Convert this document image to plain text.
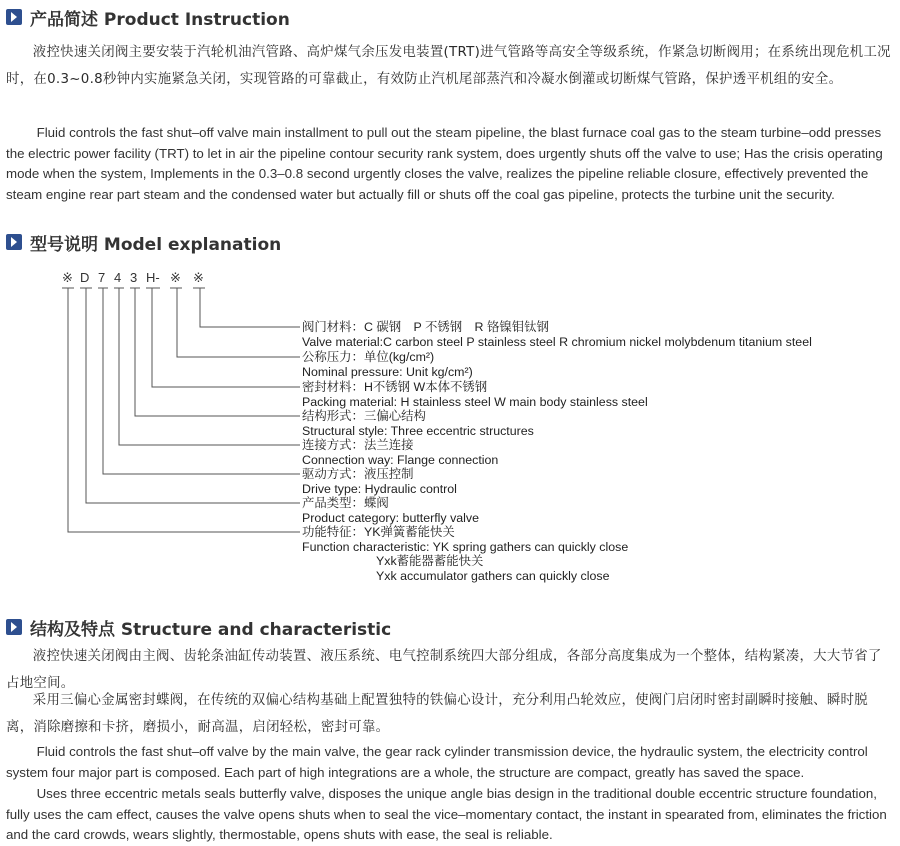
产品简述 Product Instruction
液控快速关闭阀主要安装于汽轮机油汽管路、高炉煤气余压发电装置(TRT)进气管路等高安全等级系统，作紧急切断阀用；在系统出现危机工况时，在0.3~0.8秒钟内实施紧急关闭，实现管路的可靠截止，有效防止汽机尾部蒸汽和冷凝水倒灌或切断煤气管路，保护透平机组的安全。
Fluid controls the fast shut–off valve main installment to pull out the steam pipeline, the blast furnace coal gas to the steam turbine–odd presses the electric power facility (TRT) to let in air the pipeline contour security rank system, does urgently shuts off the valve to use; Has the crisis operating mode when the system, Implements in the 0.3–0.8 second urgently closes the valve, realizes the pipeline reliable closure, effectively prevented the steam engine rear part steam and the condensed water but actually fill or shuts off the coal gas pipeline, protects the turbine unit the security.
型号说明 Model explanation
※ D 7 4 3 H- ※ ※
阀门材料：C 碳钢　P 不锈钢　R 铬镍钼钛钢
Valve material:C carbon steel P stainless steel R chromium nickel molybdenum titanium steel
公称压力：单位(kg/cm²)
Nominal pressure: Unit kg/cm²)
密封材料：H不锈钢 W本体不锈钢
Packing material: H stainless steel W main body stainless steel
结构形式：三偏心结构
Structural style: Three eccentric structures
连接方式：法兰连接
Connection way: Flange connection
驱动方式：液压控制
Drive type: Hydraulic control
产品类型：蝶阀
Product category: butterfly valve
功能特征：YK弹簧蓄能快关
Function characteristic: YK spring gathers can quickly close
Yxk蓄能器蓄能快关
Yxk accumulator gathers can quickly close
结构及特点 Structure and characteristic
液控快速关闭阀由主阀、齿轮条油缸传动装置、液压系统、电气控制系统四大部分组成，各部分高度集成为一个整体，结构紧凑，大大节省了占地空间。
采用三偏心金属密封蝶阀，在传统的双偏心结构基础上配置独特的铁偏心设计，充分利用凸轮效应，使阀门启闭时密封副瞬时接触、瞬时脱离，消除磨擦和卡挤，磨损小，耐高温，启闭轻松，密封可靠。
Fluid controls the fast shut–off valve by the main valve, the gear rack cylinder transmission device, the hydraulic system, the electricity control system four major part is composed. Each part of high integrations are a whole, the structure are compact, greatly has saved the space.
Uses three eccentric metals seals butterfly valve, disposes the unique angle bias design in the traditional double eccentric structure foundation, fully uses the cam effect, causes the valve opens shuts when to seal the vice–momentary contact, the instant in spearated from, eliminates the friction and the card crowds, wears slightly, thermostable, opens shuts with ease, the seal is reliable.
